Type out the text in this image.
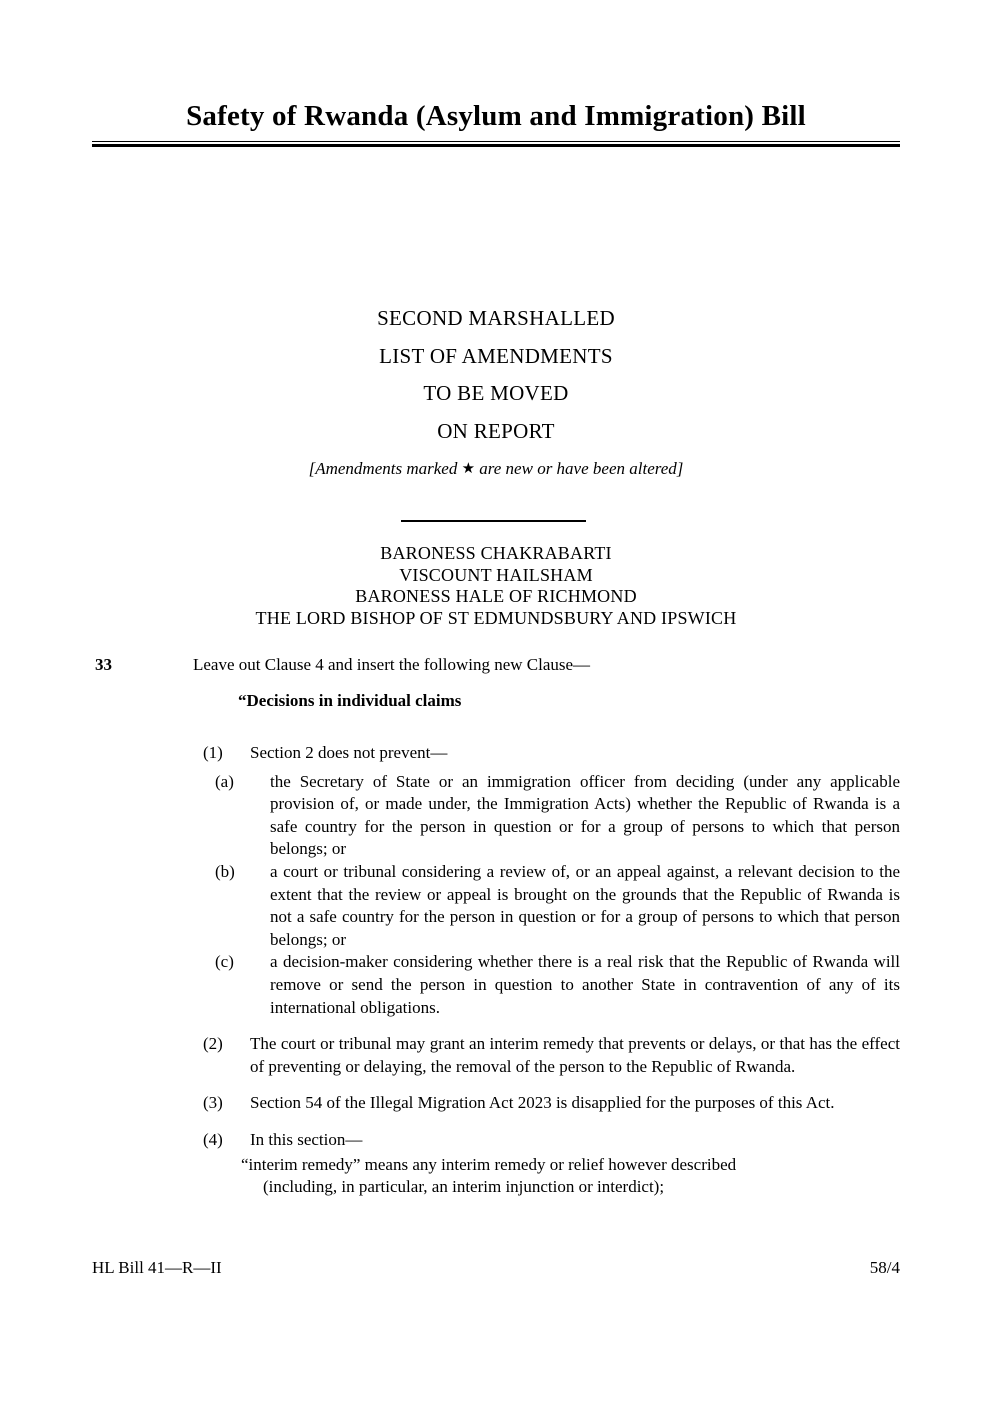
Safety of Rwanda (Asylum and Immigration) Bill
SECOND MARSHALLED
LIST OF AMENDMENTS
TO BE MOVED
ON REPORT
[Amendments marked ★ are new or have been altered]
BARONESS CHAKRABARTI
VISCOUNT HAILSHAM
BARONESS HALE OF RICHMOND
THE LORD BISHOP OF ST EDMUNDSBURY AND IPSWICH
33	Leave out Clause 4 and insert the following new Clause—
“Decisions in individual claims
(1)	Section 2 does not prevent—
(a)	the Secretary of State or an immigration officer from deciding (under any applicable provision of, or made under, the Immigration Acts) whether the Republic of Rwanda is a safe country for the person in question or for a group of persons to which that person belongs; or
(b)	a court or tribunal considering a review of, or an appeal against, a relevant decision to the extent that the review or appeal is brought on the grounds that the Republic of Rwanda is not a safe country for the person in question or for a group of persons to which that person belongs; or
(c)	a decision-maker considering whether there is a real risk that the Republic of Rwanda will remove or send the person in question to another State in contravention of any of its international obligations.
(2)	The court or tribunal may grant an interim remedy that prevents or delays, or that has the effect of preventing or delaying, the removal of the person to the Republic of Rwanda.
(3)	Section 54 of the Illegal Migration Act 2023 is disapplied for the purposes of this Act.
(4)	In this section—
“interim remedy” means any interim remedy or relief however described
(including, in particular, an interim injunction or interdict);
HL Bill 41—R—II	58/4
